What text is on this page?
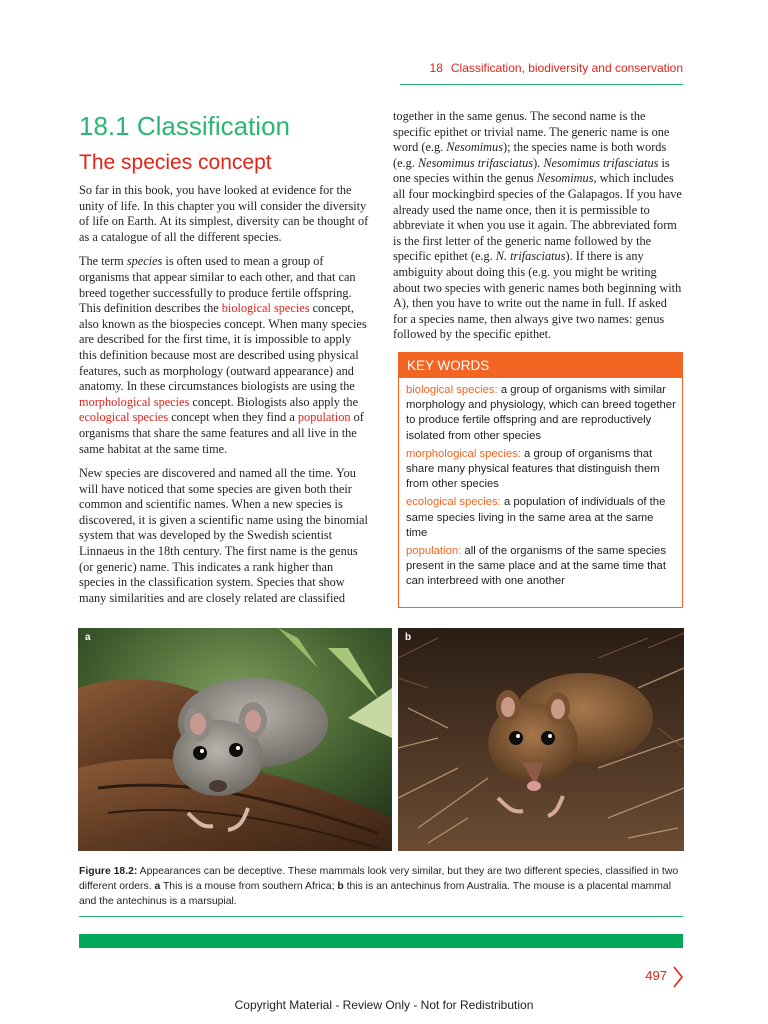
18 Classification, biodiversity and conservation
18.1 Classification
The species concept

So far in this book, you have looked at evidence for the unity of life. In this chapter you will consider the diversity of life on Earth. At its simplest, diversity can be thought of as a catalogue of all the different species.

The term species is often used to mean a group of organisms that appear similar to each other, and that can breed together successfully to produce fertile offspring. This definition describes the biological species concept, also known as the biospecies concept. When many species are described for the first time, it is impossible to apply this definition because most are described using physical features, such as morphology (outward appearance) and anatomy. In these circumstances biologists are using the morphological species concept. Biologists also apply the ecological species concept when they find a population of organisms that share the same features and all live in the same habitat at the same time.

New species are discovered and named all the time. You will have noticed that some species are given both their common and scientific names. When a new species is discovered, it is given a scientific name using the binomial system that was developed by the Swedish scientist Linnaeus in the 18th century. The first name is the genus (or generic) name. This indicates a rank higher than species in the classification system. Species that show many similarities and are closely related are classified

together in the same genus. The second name is the specific epithet or trivial name. The generic name is one word (e.g. Nesomimus); the species name is both words (e.g. Nesomimus trifasciatus). Nesomimus trifasciatus is one species within the genus Nesomimus, which includes all four mockingbird species of the Galapagos. If you have already used the name once, then it is permissible to abbreviate it when you use it again. The abbreviated form is the first letter of the generic name followed by the specific epithet (e.g. N. trifasciatus). If there is any ambiguity about doing this (e.g. you might be writing about two species with generic names both beginning with A), then you have to write out the name in full. If asked for a species name, then always give two names: genus followed by the specific epithet.

KEY WORDS
biological species: a group of organisms with similar morphology and physiology, which can breed together to produce fertile offspring and are reproductively isolated from other species
morphological species: a group of organisms that share many physical features that distinguish them from other species
ecological species: a population of individuals of the same species living in the same area at the same time
population: all of the organisms of the same species present in the same place and at the same time that can interbreed with one another
a	b
Figure 18.2: Appearances can be deceptive. These mammals look very similar, but they are two different species, classified in two different orders. a This is a mouse from southern Africa; b this is an antechinus from Australia. The mouse is a placental mammal and the antechinus is a marsupial.
497
Copyright Material - Review Only - Not for Redistribution
